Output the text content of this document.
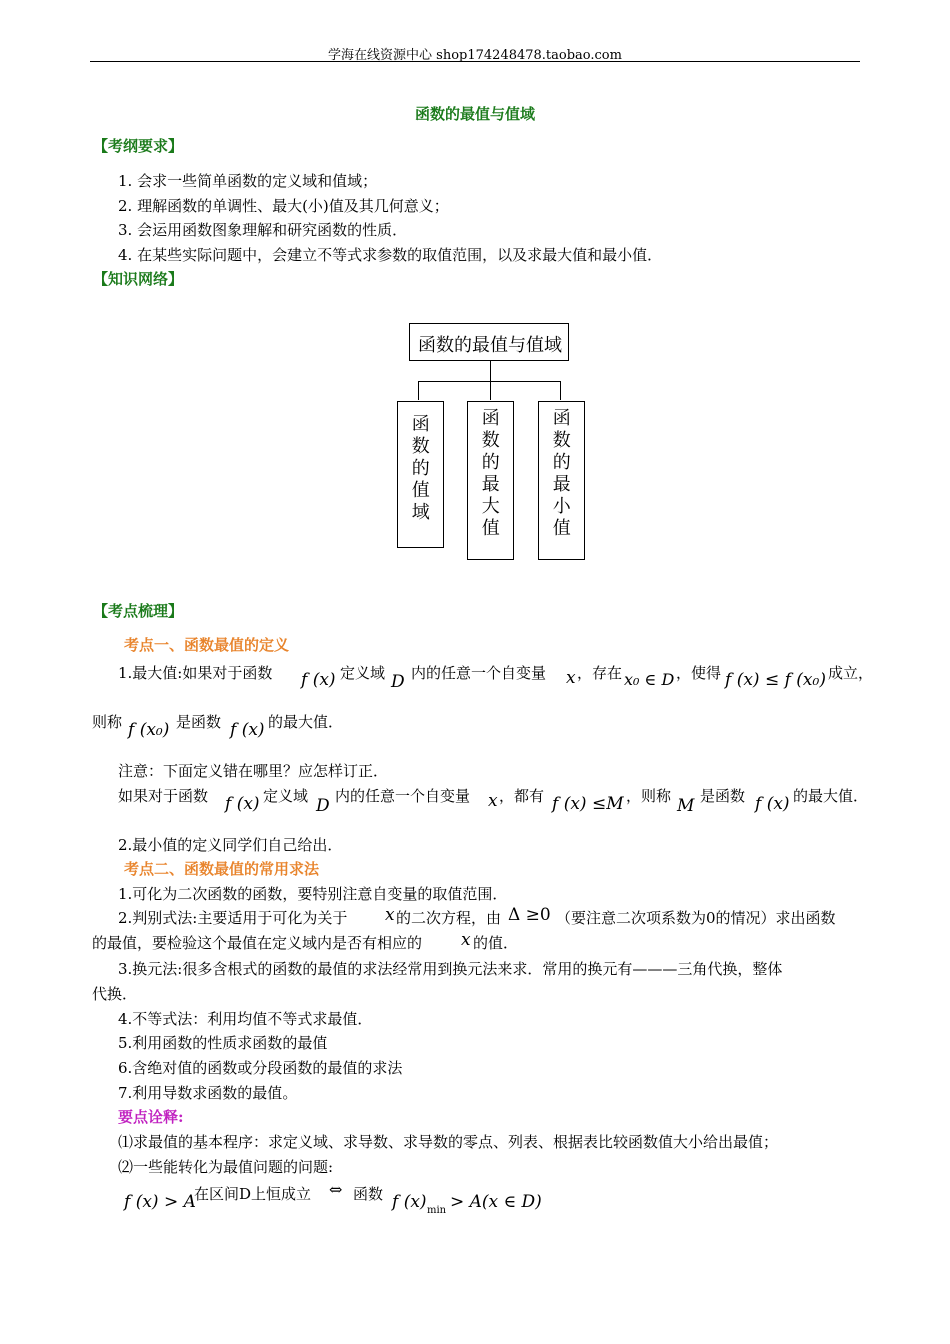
学海在线资源中心 shop174248478.taobao.com
函数的最值与值域
【考纲要求】
1. 会求一些简单函数的定义域和值域；
2. 理解函数的单调性、最大(小)值及其几何意义；
3. 会运用函数图象理解和研究函数的性质．
4. 在某些实际问题中，会建立不等式求参数的取值范围，以及求最大值和最小值．
【知识网络】
函数的最值与值域
函数的值域
函数的最大值
函数的最小值
【考点梳理】
考点一、函数最值的定义
1.最大值:如果对于函数 f (x) 定义域 D 内的任意一个自变量 x ，存在 x₀ ∈ D ，使得 f (x) ≤ f (x₀) 成立，
则称 f (x₀) 是函数 f (x) 的最大值．
注意：下面定义错在哪里？应怎样订正．
如果对于函数 f (x) 定义域 D 内的任意一个自变量 x ，都有 f (x) ≤M ，则称 M 是函数 f (x) 的最大值．
2.最小值的定义同学们自己给出．
考点二、函数最值的常用求法
1.可化为二次函数的函数，要特别注意自变量的取值范围．
2.判别式法:主要适用于可化为关于 x 的二次方程，由 Δ ≥0 （要注意二次项系数为0的情况）求出函数
的最值，要检验这个最值在定义域内是否有相应的 x 的值．
3.换元法:很多含根式的函数的最值的求法经常用到换元法来求．常用的换元有———三角代换，整体
代换．
4.不等式法：利用均值不等式求最值．
5.利用函数的性质求函数的最值
6.含绝对值的函数或分段函数的最值的求法
7.利用导数求函数的最值。
要点诠释:
⑴求最值的基本程序：求定义域、求导数、求导数的零点、列表、根据表比较函数值大小给出最值；
⑵一些能转化为最值问题的问题:
f (x) > A
在区间D上恒成立 ⇔ 函数 f (x) min > A(x ∈ D)
